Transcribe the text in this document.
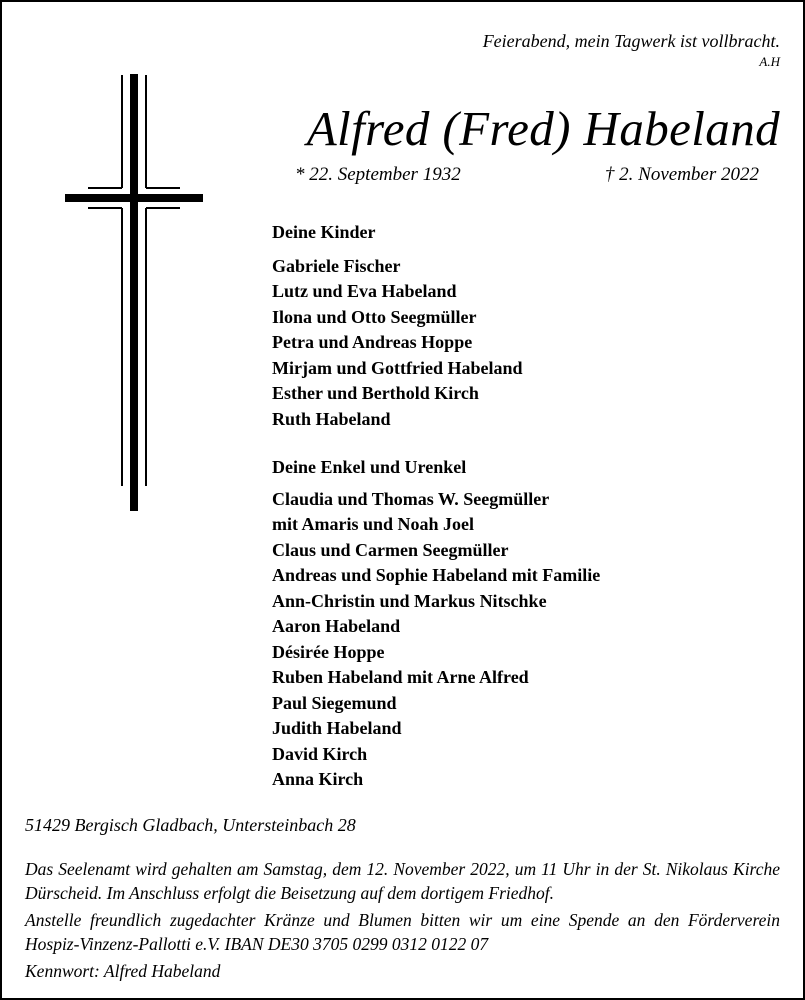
Feierabend, mein Tagwerk ist vollbracht.

A.H

Alfred (Fred) Habeland

* 22. September 1932	† 2. November 2022

Deine Kinder
Gabriele Fischer
Lutz und Eva Habeland
Ilona und Otto Seegmüller
Petra und Andreas Hoppe
Mirjam und Gottfried Habeland
Esther und Berthold Kirch
Ruth Habeland
Deine Enkel und Urenkel
Claudia und Thomas W. Seegmüller
mit Amaris und Noah Joel
Claus und Carmen Seegmüller
Andreas und Sophie Habeland mit Familie
Ann-Christin und Markus Nitschke
Aaron Habeland
Désirée Hoppe
Ruben Habeland mit Arne Alfred
Paul Siegemund
Judith Habeland
David Kirch
Anna Kirch

51429 Bergisch Gladbach, Untersteinbach 28

Das Seelenamt wird gehalten am Samstag, dem 12. November 2022, um 11 Uhr in der St. Nikolaus Kirche Dürscheid. Im Anschluss erfolgt die Beisetzung auf dem dortigem Friedhof.

Anstelle freundlich zugedachter Kränze und Blumen bitten wir um eine Spende an den Förderverein Hospiz-Vinzenz-Pallotti e.V. IBAN DE30 3705 0299 0312 0122 07

Kennwort: Alfred Habeland
